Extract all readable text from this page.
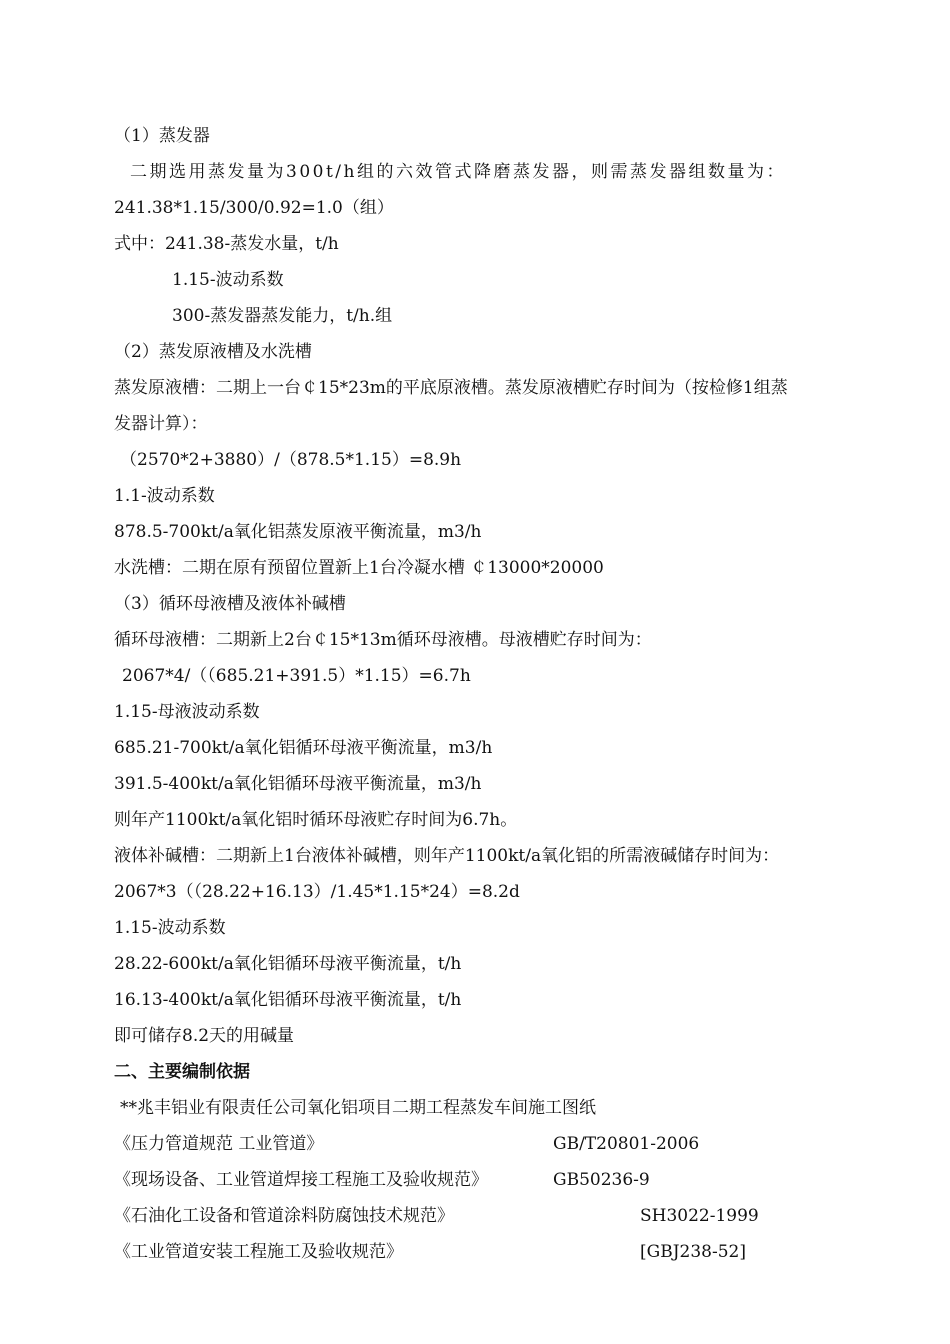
（1）蒸发器
二期选用蒸发量为300t/h组的六效管式降磨蒸发器，则需蒸发器组数量为：
241.38*1.15/300/0.92=1.0（组）
式中：241.38-蒸发水量，t/h
1.15-波动系数
300-蒸发器蒸发能力，t/h.组
（2）蒸发原液槽及水洗槽
蒸发原液槽：二期上一台￠15*23m的平底原液槽。蒸发原液槽贮存时间为（按检修1组蒸
发器计算）：
（2570*2+3880）/（878.5*1.15）=8.9h
1.1-波动系数
878.5-700kt/a氧化铝蒸发原液平衡流量，m3/h
水洗槽：二期在原有预留位置新上1台冷凝水槽 ￠13000*20000
（3）循环母液槽及液体补碱槽
循环母液槽：二期新上2台￠15*13m循环母液槽。母液槽贮存时间为：
2067*4/（（685.21+391.5）*1.15）=6.7h
1.15-母液波动系数
685.21-700kt/a氧化铝循环母液平衡流量，m3/h
391.5-400kt/a氧化铝循环母液平衡流量，m3/h
则年产1100kt/a氧化铝时循环母液贮存时间为6.7h。
液体补碱槽：二期新上1台液体补碱槽，则年产1100kt/a氧化铝的所需液碱储存时间为：
2067*3（（28.22+16.13）/1.45*1.15*24）=8.2d
1.15-波动系数
28.22-600kt/a氧化铝循环母液平衡流量，t/h
16.13-400kt/a氧化铝循环母液平衡流量，t/h
即可储存8.2天的用碱量
二、主要编制依据
**兆丰铝业有限责任公司氧化铝项目二期工程蒸发车间施工图纸
《压力管道规范 工业管道》	GB/T20801-2006
《现场设备、工业管道焊接工程施工及验收规范》	GB50236-9
《石油化工设备和管道涂料防腐蚀技术规范》	SH3022-1999
《工业管道安装工程施工及验收规范》	[GBJ238-52]
